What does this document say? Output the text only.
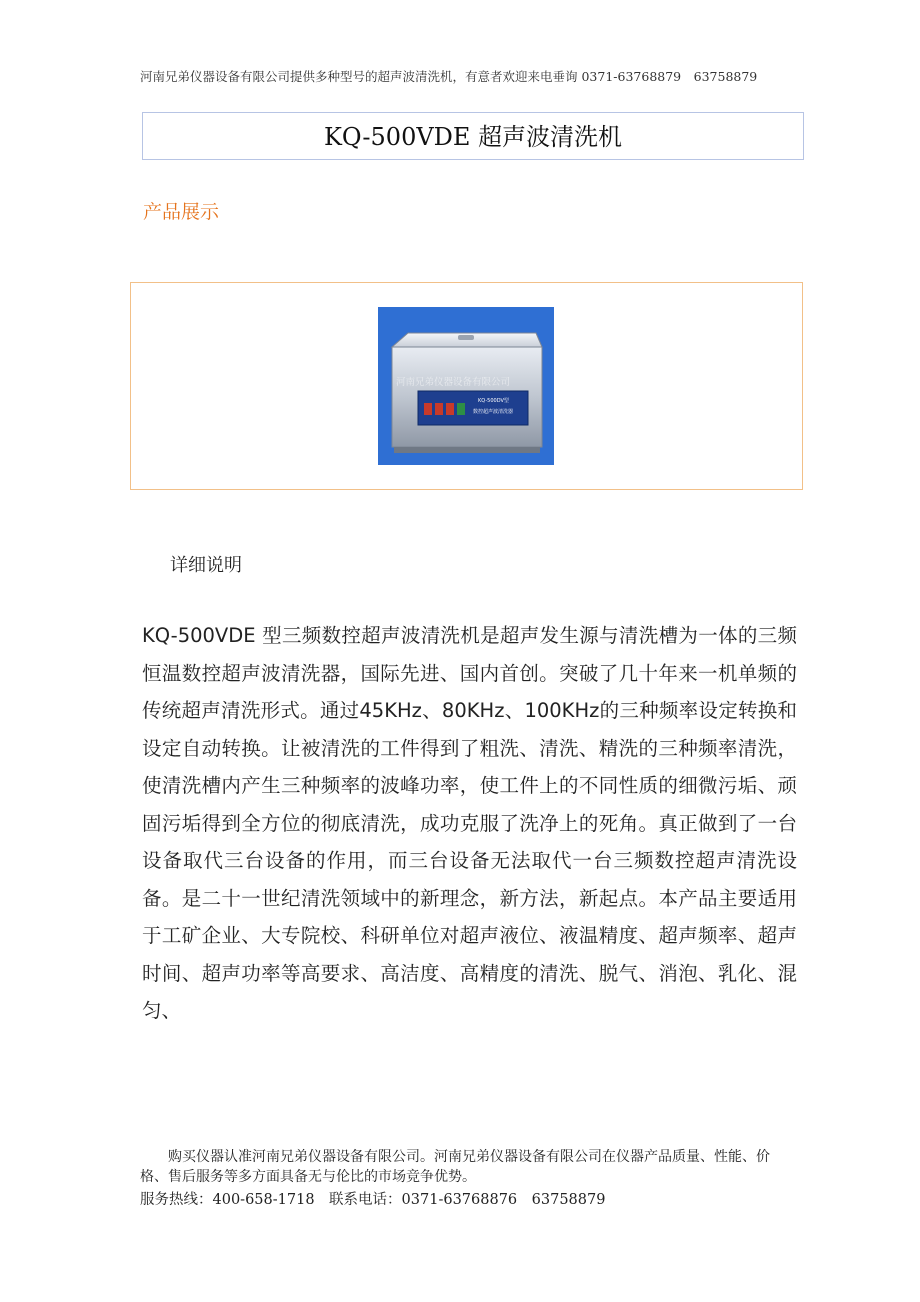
河南兄弟仪器设备有限公司提供多种型号的超声波清洗机，有意者欢迎来电垂询 0371-63768879　63758879
KQ-500VDE 超声波清洗机
产品展示
KQ-500DV型
数控超声波清洗器
河南兄弟仪器设备有限公司
详细说明

KQ-500VDE 型三频数控超声波清洗机是超声发生源与清洗槽为一体的三频恒温数控超声波清洗器，国际先进、国内首创。突破了几十年来一机单频的传统超声清洗形式。通过45KHz、80KHz、100KHz的三种频率设定转换和设定自动转换。让被清洗的工件得到了粗洗、清洗、精洗的三种频率清洗，使清洗槽内产生三种频率的波峰功率，使工件上的不同性质的细微污垢、顽固污垢得到全方位的彻底清洗，成功克服了洗净上的死角。真正做到了一台设备取代三台设备的作用，而三台设备无法取代一台三频数控超声清洗设备。是二十一世纪清洗领域中的新理念，新方法，新起点。本产品主要适用于工矿企业、大专院校、科研单位对超声液位、液温精度、超声频率、超声时间、超声功率等高要求、高洁度、高精度的清洗、脱气、消泡、乳化、混匀、

购买仪器认准河南兄弟仪器设备有限公司。河南兄弟仪器设备有限公司在仪器产品质量、性能、价格、售后服务等多方面具备无与伦比的市场竞争优势。

服务热线：400-658-1718　联系电话：0371-63768876　63758879
